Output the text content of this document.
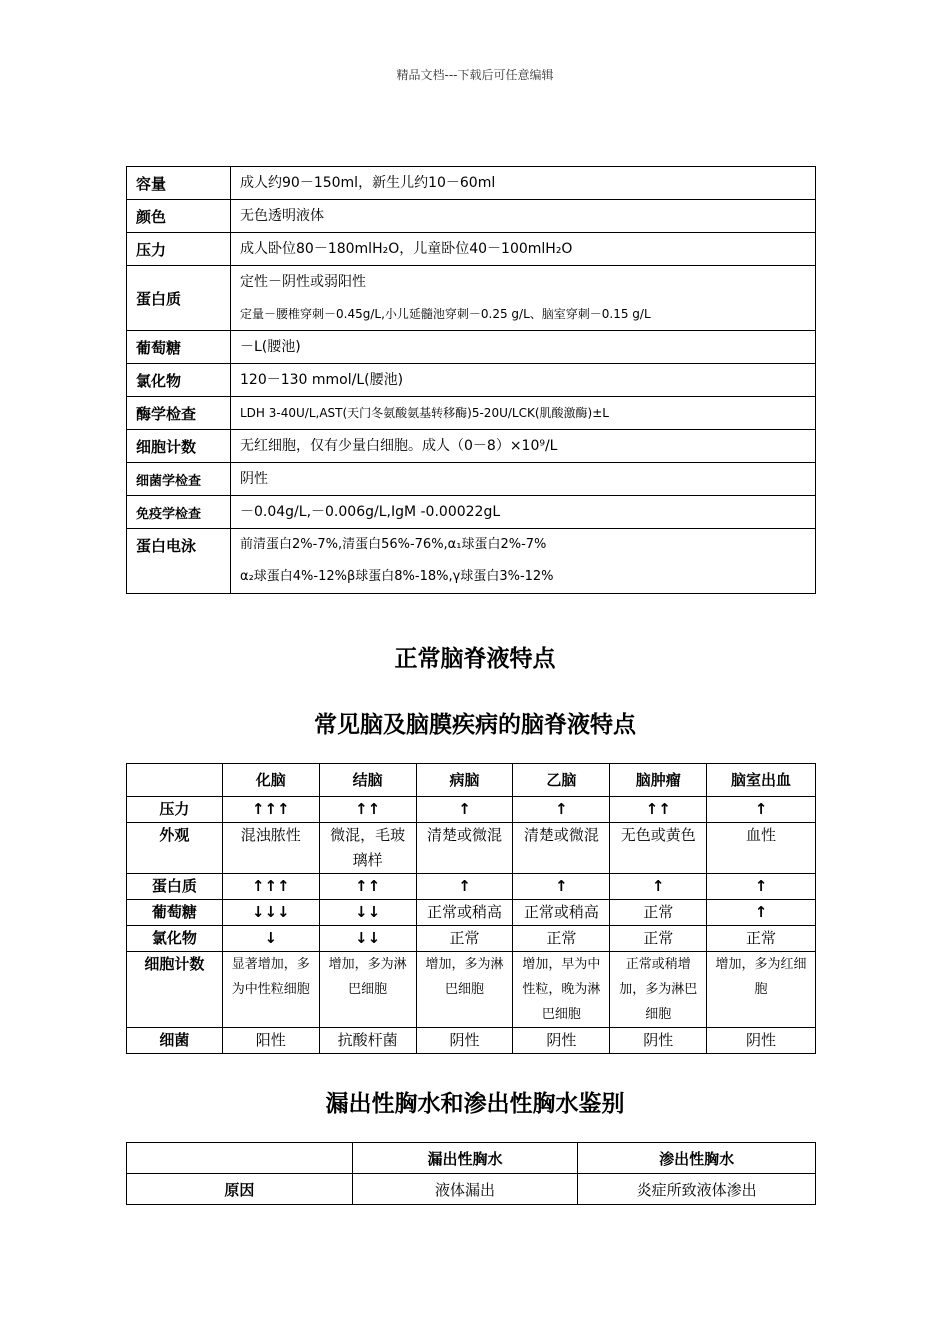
精品文档---下载后可任意编辑
容量	成人约90－150ml，新生儿约10－60ml

颜色	无色透明液体

压力	成人卧位80－180mlH₂O，儿童卧位40－100mlH₂O

蛋白质	定性－阴性或弱阳性
定量－腰椎穿刺－0.45g/L,小儿延髓池穿刺－0.25 g/L、脑室穿刺－0.15 g/L

葡萄糖	－L(腰池)

氯化物	120－130 mmol/L(腰池)

酶学检查	LDH 3-40U/L,AST(天门冬氨酸氨基转移酶)5-20U/LCK(肌酸激酶)±L

细胞计数	无红细胞，仅有少量白细胞。成人（0－8）×10⁹/L

细菌学检查	阴性

免疫学检查	－0.04g/L,－0.006g/L,IgM -0.00022gL

蛋白电泳	前清蛋白2%-7%,清蛋白56%-76%,α₁球蛋白2%-7%
α₂球蛋白4%-12%β球蛋白8%-18%,γ球蛋白3%-12%
正常脑脊液特点
常见脑及脑膜疾病的脑脊液特点
	化脑	结脑	病脑	乙脑	脑肿瘤	脑室出血
压力	↑↑↑	↑↑	↑	↑	↑↑	↑
外观	混浊脓性	微混，毛玻璃样	清楚或微混	清楚或微混	无色或黄色	血性
蛋白质	↑↑↑	↑↑	↑	↑	↑	↑
葡萄糖	↓↓↓	↓↓	正常或稍高	正常或稍高	正常	↑
氯化物	↓	↓↓	正常	正常	正常	正常
细胞计数	显著增加，多为中性粒细胞	增加，多为淋巴细胞	增加，多为淋巴细胞	增加，早为中性粒，晚为淋巴细胞	正常或稍增加，多为淋巴细胞	增加，多为红细胞
细菌	阳性	抗酸杆菌	阴性	阴性	阴性	阴性
漏出性胸水和渗出性胸水鉴别
	漏出性胸水	渗出性胸水
原因	液体漏出	炎症所致液体渗出
